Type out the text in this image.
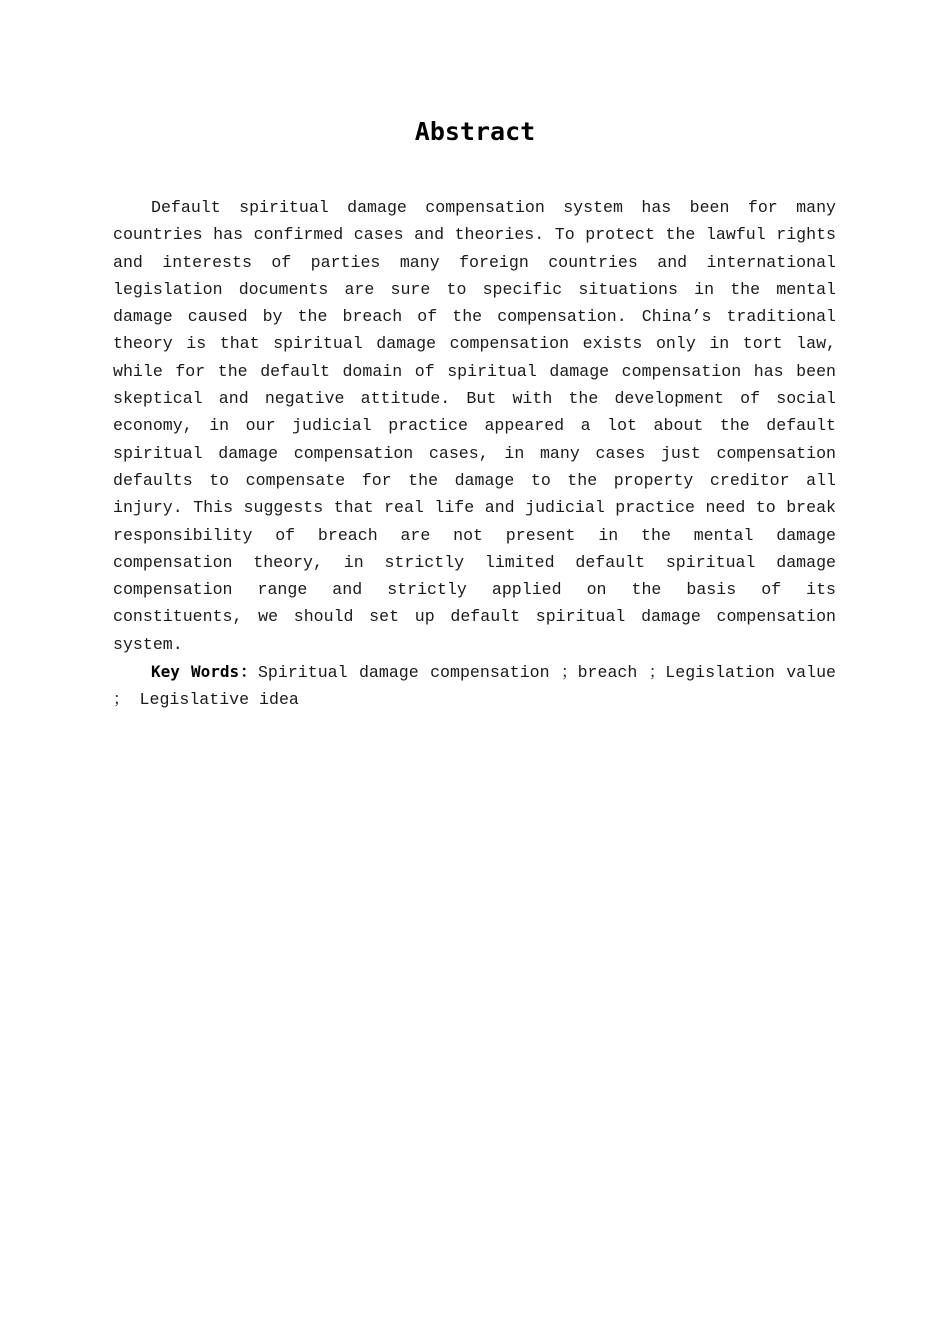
Abstract

Default spiritual damage compensation system has been for many countries has confirmed cases and theories. To protect the lawful rights and interests of parties many foreign countries and international legislation documents are sure to specific situations in the mental damage caused by the breach of the compensation. China’s traditional theory is that spiritual damage compensation exists only in tort law, while for the default domain of spiritual damage compensation has been skeptical and negative attitude. But with the development of social economy, in our judicial practice appeared a lot about the default spiritual damage compensation cases, in many cases just compensation defaults to compensate for the damage to the property creditor all injury. This suggests that real life and judicial practice need to break responsibility of breach are not present in the mental damage compensation theory, in strictly limited default spiritual damage compensation range and strictly applied on the basis of its constituents, we should set up default spiritual damage compensation system.

Key Words：Spiritual damage compensation ；breach ；Legislation value ； Legislative idea
